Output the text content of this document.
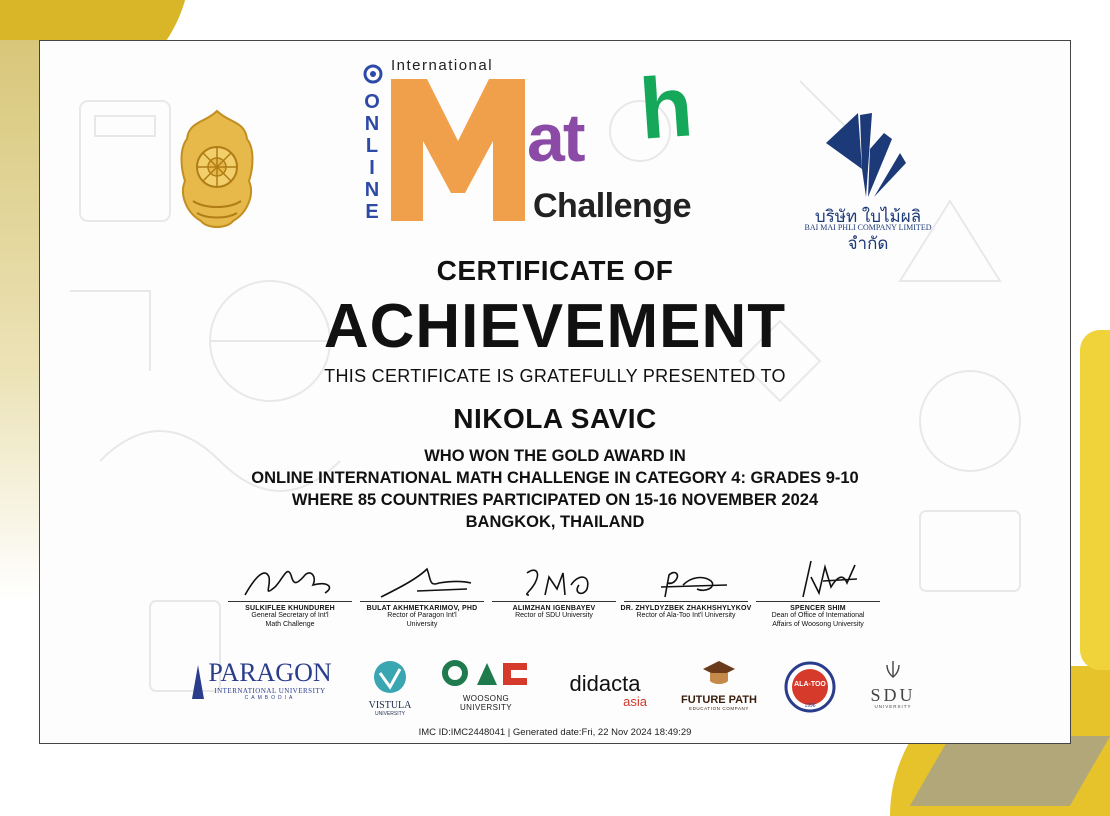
International
O
N
L
I
N
E
at h
Challenge	บริษัท ใบไม้ผลิ จำกัด
BAI MAI PHLI COMPANY LIMITED
CERTIFICATE OF
ACHIEVEMENT
THIS CERTIFICATE IS GRATEFULLY PRESENTED TO
NIKOLA SAVIC
WHO WON THE GOLD AWARD IN
ONLINE INTERNATIONAL MATH CHALLENGE IN CATEGORY 4: GRADES 9-10
WHERE 85 COUNTRIES PARTICIPATED ON 15-16 NOVEMBER 2024
BANGKOK, THAILAND
SULKIFLEE KHUNDUREH
General Secretary of Int'l
Math Challenge
BULAT AKHMETKARIMOV, PHD
Rector of Paragon Int'l
University
ALIMZHAN IGENBAYEV
Rector of SDU University
DR. ZHYLDYZBEK ZHAKHSHYLYKOV
Rector of Ala-Too Int'l University
SPENCER SHIM
Dean of Office of International
Affairs of Woosong University
PARAGON
INTERNATIONAL UNIVERSITY
CAMBODIA
VISTULA
UNIVERSITY
WOOSONG UNIVERSITY
didacta
asia	FUTURE PATH
EDUCATION COMPANY
ALA-TOO
1996
SDU
UNIVERSITY
IMC ID:IMC2448041 | Generated date:Fri, 22 Nov 2024 18:49:29
